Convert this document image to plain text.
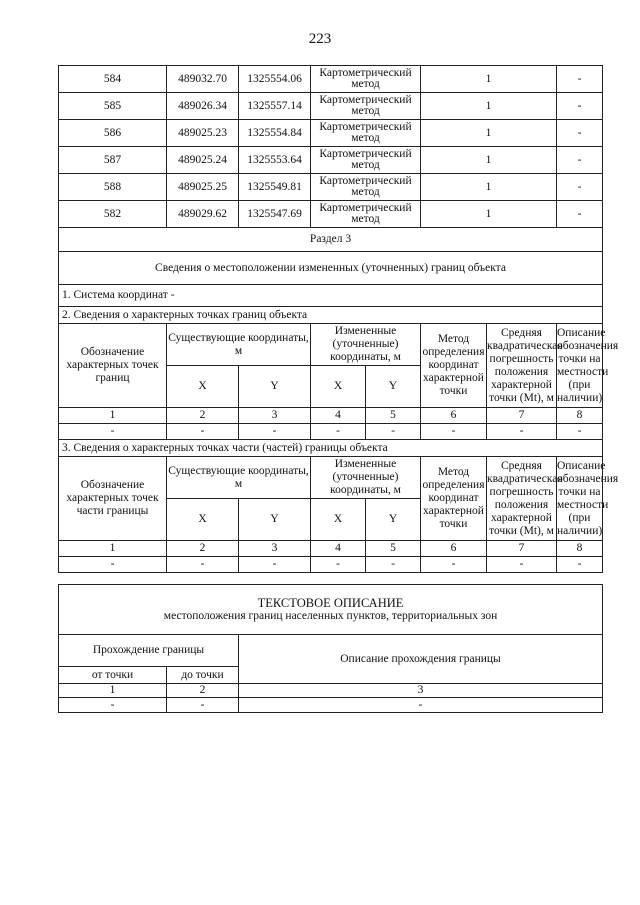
223
584	489032.70	1325554.06	Картометрический метод		1		-
585	489026.34	1325557.14	Картометрический метод		1		-
586	489025.23	1325554.84	Картометрический метод		1		-
587	489025.24	1325553.64	Картометрический метод		1		-
588	489025.25	1325549.81	Картометрический метод		1		-
582	489029.62	1325547.69	Картометрический метод		1		-
Раздел 3							
Сведения о местоположении измененных (уточненных) границ объекта							
1. Система координат -							
2. Сведения о характерных точках границ объекта							
Обозначение характерных точек границ	Существующие координаты, м		Измененные (уточненные) координаты, м		Метод определения координат характерной точки	Средняя квадратическая погрешность положения характерной точки (Mt), м	Описание обозначения точки на местности (при наличии)
	X	Y	X	Y			
1	2	3	4	5	6	7	8
-	-	-	-	-	-	-	-
3. Сведения о характерных точках части (частей) границы объекта							
Обозначение характерных точек части границы	Существующие координаты, м		Измененные (уточненные) координаты, м		Метод определения координат характерной точки	Средняя квадратическая погрешность положения характерной точки (Mt), м	Описание обозначения точки на местности (при наличии)
	X	Y	X	Y			
1	2	3	4	5	6	7	8
-	-	-	-	-	-	-	-
ТЕКСТОВОЕ ОПИСАНИЕ
местоположения границ населенных пунктов, территориальных зон		

Прохождение границы		Описание прохождения границы
от точки	до точки	
1	2	3
-	-	-
